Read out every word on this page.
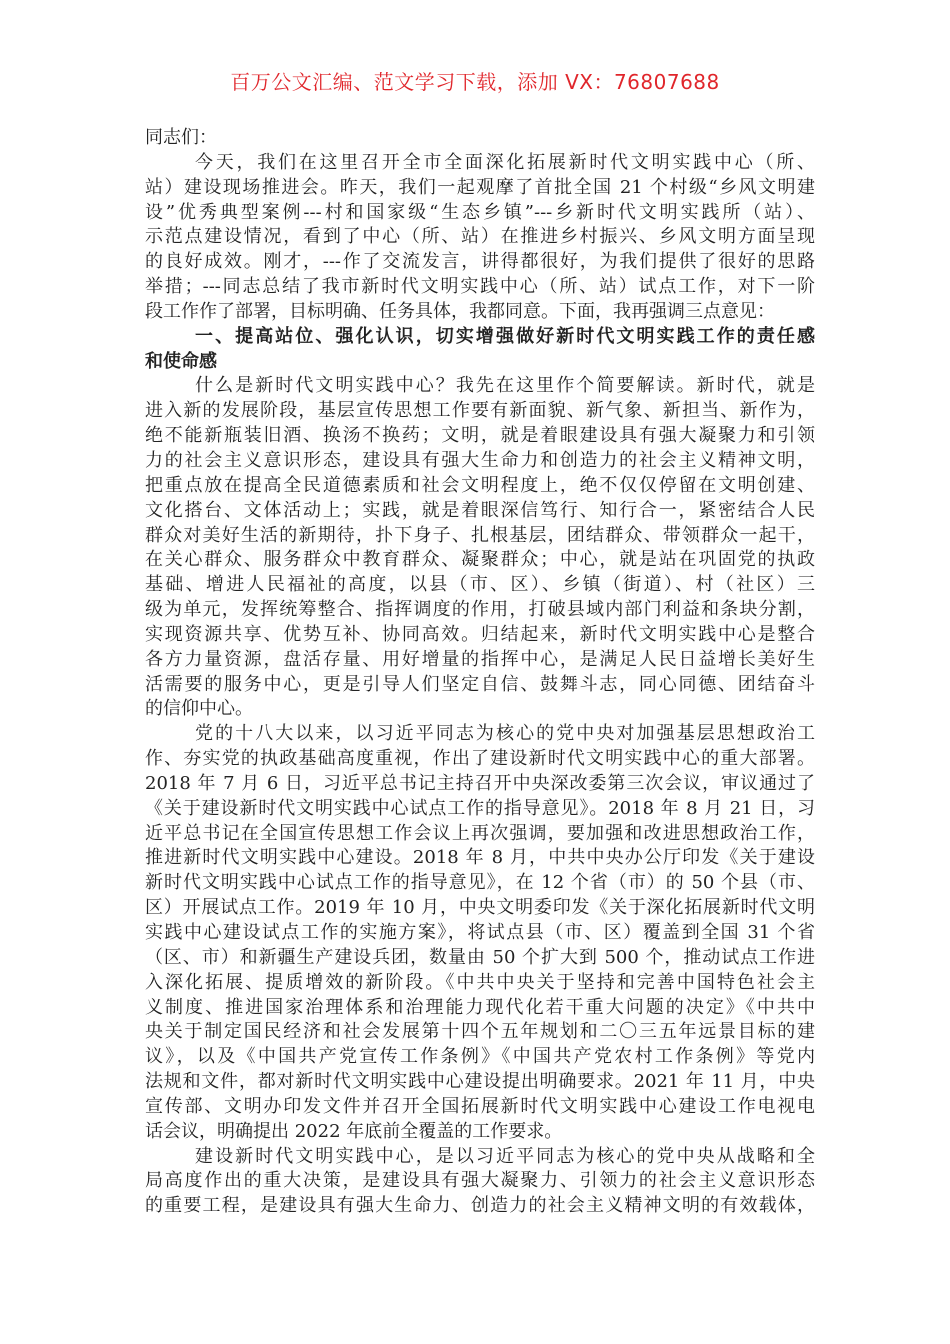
百万公文汇编、范文学习下载，添加 VX：76807688
同志们：
今天，我们在这里召开全市全面深化拓展新时代文明实践中心（所、
站）建设现场推进会。昨天，我们一起观摩了首批全国 21 个村级“乡风文明建
设”优秀典型案例---村和国家级“生态乡镇”---乡新时代文明实践所（站）、
示范点建设情况，看到了中心（所、站）在推进乡村振兴、乡风文明方面呈现
的良好成效。刚才，---作了交流发言，讲得都很好，为我们提供了很好的思路
举措；---同志总结了我市新时代文明实践中心（所、站）试点工作，对下一阶
段工作作了部署，目标明确、任务具体，我都同意。下面，我再强调三点意见：
一、提高站位、强化认识，切实增强做好新时代文明实践工作的责任感
和使命感
什么是新时代文明实践中心？我先在这里作个简要解读。新时代，就是
进入新的发展阶段，基层宣传思想工作要有新面貌、新气象、新担当、新作为，
绝不能新瓶装旧酒、换汤不换药；文明，就是着眼建设具有强大凝聚力和引领
力的社会主义意识形态，建设具有强大生命力和创造力的社会主义精神文明，
把重点放在提高全民道德素质和社会文明程度上，绝不仅仅停留在文明创建、
文化搭台、文体活动上；实践，就是着眼深信笃行、知行合一，紧密结合人民
群众对美好生活的新期待，扑下身子、扎根基层，团结群众、带领群众一起干，
在关心群众、服务群众中教育群众、凝聚群众；中心，就是站在巩固党的执政
基础、增进人民福祉的高度，以县（市、区）、乡镇（街道）、村（社区）三
级为单元，发挥统筹整合、指挥调度的作用，打破县域内部门利益和条块分割，
实现资源共享、优势互补、协同高效。归结起来，新时代文明实践中心是整合
各方力量资源，盘活存量、用好增量的指挥中心，是满足人民日益增长美好生
活需要的服务中心，更是引导人们坚定自信、鼓舞斗志，同心同德、团结奋斗
的信仰中心。
党的十八大以来，以习近平同志为核心的党中央对加强基层思想政治工
作、夯实党的执政基础高度重视，作出了建设新时代文明实践中心的重大部署。
2018 年 7 月 6 日，习近平总书记主持召开中央深改委第三次会议，审议通过了
《关于建设新时代文明实践中心试点工作的指导意见》。2018 年 8 月 21 日，习
近平总书记在全国宣传思想工作会议上再次强调，要加强和改进思想政治工作，
推进新时代文明实践中心建设。2018 年 8 月，中共中央办公厅印发《关于建设
新时代文明实践中心试点工作的指导意见》，在 12 个省（市）的 50 个县（市、
区）开展试点工作。2019 年 10 月，中央文明委印发《关于深化拓展新时代文明
实践中心建设试点工作的实施方案》，将试点县（市、区）覆盖到全国 31 个省
（区、市）和新疆生产建设兵团，数量由 50 个扩大到 500 个，推动试点工作进
入深化拓展、提质增效的新阶段。《中共中央关于坚持和完善中国特色社会主
义制度、推进国家治理体系和治理能力现代化若干重大问题的决定》《中共中
央关于制定国民经济和社会发展第十四个五年规划和二〇三五年远景目标的建
议》，以及《中国共产党宣传工作条例》《中国共产党农村工作条例》等党内
法规和文件，都对新时代文明实践中心建设提出明确要求。2021 年 11 月，中央
宣传部、文明办印发文件并召开全国拓展新时代文明实践中心建设工作电视电
话会议，明确提出 2022 年底前全覆盖的工作要求。
建设新时代文明实践中心，是以习近平同志为核心的党中央从战略和全
局高度作出的重大决策，是建设具有强大凝聚力、引领力的社会主义意识形态
的重要工程，是建设具有强大生命力、创造力的社会主义精神文明的有效载体，
